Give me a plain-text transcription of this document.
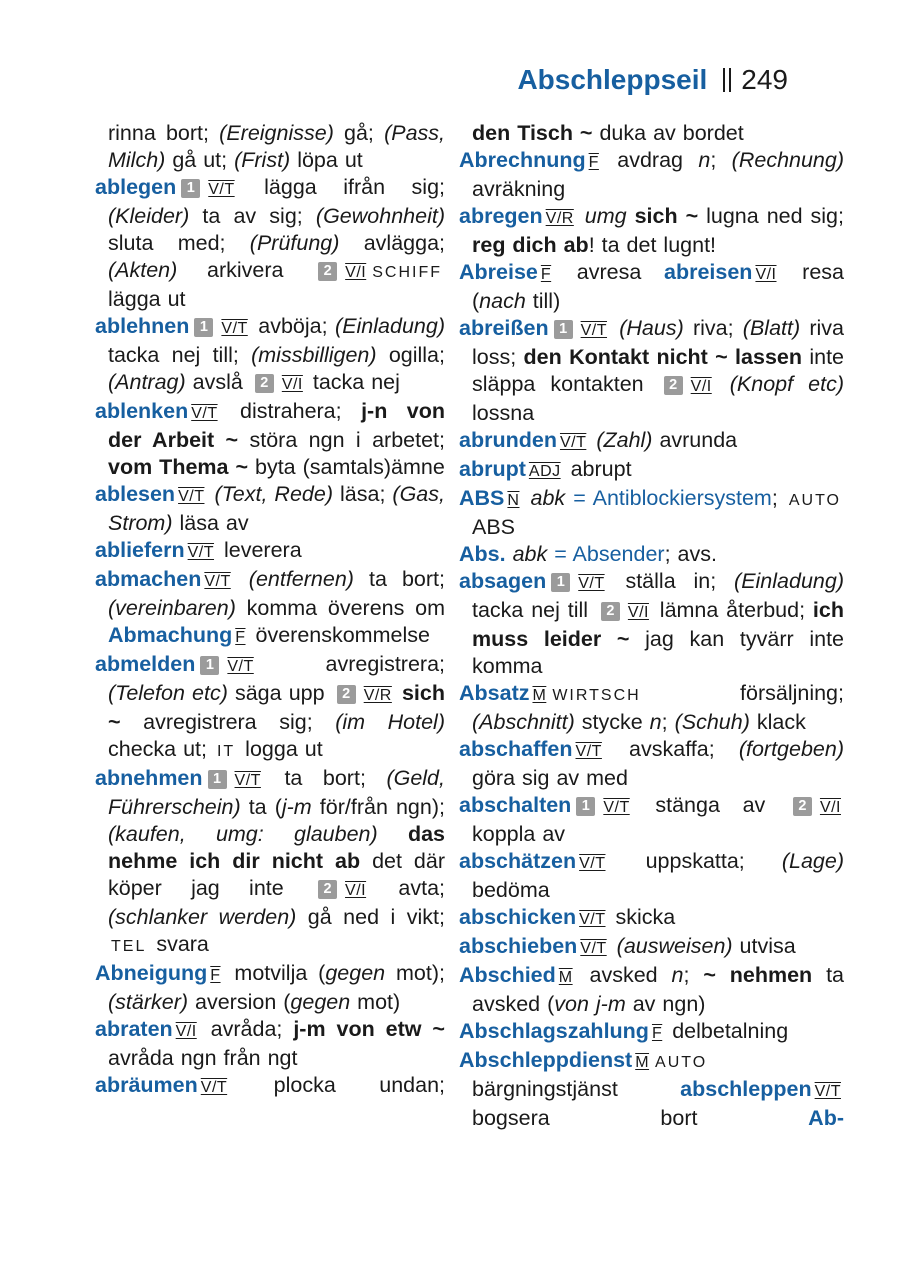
Abschleppseil 249

rinna bort; (Ereignisse) gå; (Pass, Milch) gå ut; (Frist) löpa ut

ablegen 1 V/T lägga ifrån sig; (Kleider) ta av sig; (Gewohnheit) sluta med; (Prüfung) avlägga; (Akten) arkivera 2 V/I SCHIFF lägga ut

ablehnen 1 V/T avböja; (Einladung) tacka nej till; (missbilligen) ogilla; (Antrag) avslå 2 V/I tacka nej

ablenken V/T distrahera; j-n von der Arbeit ~ störa ngn i arbetet; vom Thema ~ byta (samtals)ämne

ablesen V/T (Text, Rede) läsa; (Gas, Strom) läsa av

abliefern V/T leverera

abmachen V/T (entfernen) ta bort; (vereinbaren) komma överens om Abmachung F överenskommelse

abmelden 1 V/T avregistrera; (Telefon etc) säga upp 2 V/R sich ~ avregistrera sig; (im Hotel) checka ut; IT logga ut

abnehmen 1 V/T ta bort; (Geld, Führerschein) ta (j-m för/från ngn); (kaufen, umg: glauben) das nehme ich dir nicht ab det där köper jag inte 2 V/I avta; (schlanker werden) gå ned i vikt; TEL svara

Abneigung F motvilja (gegen mot); (stärker) aversion (gegen mot)

abraten V/I avråda; j-m von etw ~ avråda ngn från ngt

abräumen V/T plocka undan;

den Tisch ~ duka av bordet

Abrechnung F avdrag n; (Rechnung) avräkning

abregen V/R umg sich ~ lugna ned sig; reg dich ab! ta det lugnt!

Abreise F avresa abreisen V/I resa (nach till)

abreißen 1 V/T (Haus) riva; (Blatt) riva loss; den Kontakt nicht ~ lassen inte släppa kontakten 2 V/I (Knopf etc) lossna

abrunden V/T (Zahl) avrunda

abrupt ADJ abrupt

ABS N abk = Antiblockiersystem; AUTO ABS

Abs. abk = Absender; avs.

absagen 1 V/T ställa in; (Einladung) tacka nej till 2 V/I lämna återbud; ich muss leider ~ jag kan tyvärr inte komma

Absatz M WIRTSCH försäljning; (Abschnitt) stycke n; (Schuh) klack

abschaffen V/T avskaffa; (fortgeben) göra sig av med

abschalten 1 V/T stänga av 2 V/I koppla av

abschätzen V/T uppskatta; (Lage) bedöma

abschicken V/T skicka

abschieben V/T (ausweisen) utvisa

Abschied M avsked n; ~ nehmen ta avsked (von j-m av ngn)

Abschlagszahlung F delbetalning

Abschleppdienst M AUTO bärgningstjänst abschleppen V/T bogsera bort Ab-
